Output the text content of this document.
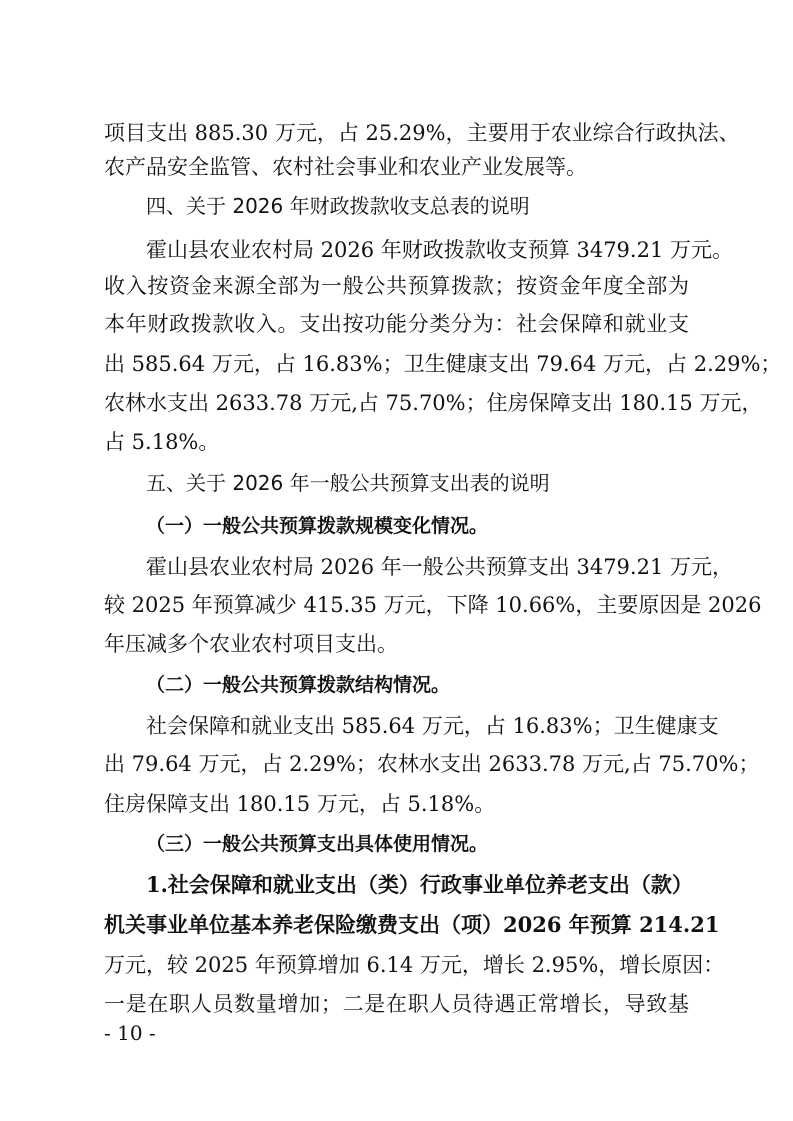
项目支出 885.30 万元，占 25.29%，主要用于农业综合行政执法、
农产品安全监管、农村社会事业和农业产业发展等。
四、关于 2026 年财政拨款收支总表的说明
霍山县农业农村局 2026 年财政拨款收支预算 3479.21 万元。
收入按资金来源全部为一般公共预算拨款；按资金年度全部为
本年财政拨款收入。支出按功能分类分为：社会保障和就业支
出 585.64 万元，占 16.83%；卫生健康支出 79.64 万元，占 2.29%；
农林水支出 2633.78 万元,占 75.70%；住房保障支出 180.15 万元，
占 5.18%。
五、关于 2026 年一般公共预算支出表的说明
（一）一般公共预算拨款规模变化情况。
霍山县农业农村局 2026 年一般公共预算支出 3479.21 万元，
较 2025 年预算减少 415.35 万元，下降 10.66%，主要原因是 2026
年压减多个农业农村项目支出。
（二）一般公共预算拨款结构情况。
社会保障和就业支出 585.64 万元，占 16.83%；卫生健康支
出 79.64 万元，占 2.29%；农林水支出 2633.78 万元,占 75.70%；
住房保障支出 180.15 万元，占 5.18%。
（三）一般公共预算支出具体使用情况。
1.社会保障和就业支出（类）行政事业单位养老支出（款）
机关事业单位基本养老保险缴费支出（项）2026 年预算 214.21
万元，较 2025 年预算增加 6.14 万元，增长 2.95%，增长原因：
一是在职人员数量增加；二是在职人员待遇正常增长，导致基
- 10 -
